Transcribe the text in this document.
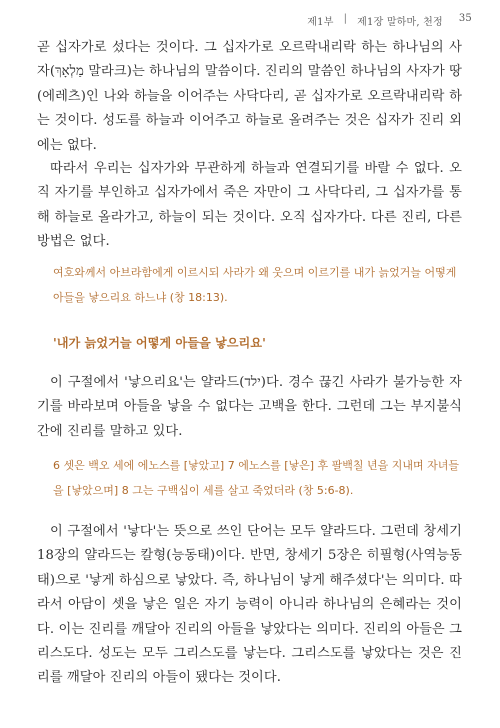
제1부 | 제1장 말하마, 천정 35

곧 십자가로 섰다는 것이다. 그 십자가로 오르락내리락 하는 하나님의 사자(מַלְאָךְ 말라크)는 하나님의 말씀이다. 진리의 말씀인 하나님의 사자가 땅(에레츠)인 나와 하늘을 이어주는 사닥다리, 곧 십자가로 오르락내리락 하는 것이다. 성도를 하늘과 이어주고 하늘로 올려주는 것은 십자가 진리 외에는 없다.

따라서 우리는 십자가와 무관하게 하늘과 연결되기를 바랄 수 없다. 오직 자기를 부인하고 십자가에서 죽은 자만이 그 사닥다리, 그 십자가를 통해 하늘로 올라가고, 하늘이 되는 것이다. 오직 십자가다. 다른 진리, 다른 방법은 없다.

여호와께서 아브라함에게 이르시되 사라가 왜 웃으며 이르기를 내가 늙었거늘 어떻게 아들을 낳으리요 하느냐 (창 18:13).
'내가 늙었거늘 어떻게 아들을 낳으리요'

이 구절에서 '낳으리요'는 얄라드(ילד)다. 경수 끊긴 사라가 불가능한 자기를 바라보며 아들을 낳을 수 없다는 고백을 한다. 그런데 그는 부지불식간에 진리를 말하고 있다.

6 셋은 백오 세에 에노스를 [낳았고] 7 에노스를 [낳은] 후 팔백칠 년을 지내며 자녀들을 [낳았으며] 8 그는 구백십이 세를 살고 죽었더라 (창 5:6-8).

이 구절에서 '낳다'는 뜻으로 쓰인 단어는 모두 얄라드다. 그런데 창세기 18장의 얄라드는 칼형(능동태)이다. 반면, 창세기 5장은 히필형(사역능동태)으로 '낳게 하심으로 낳았다. 즉, 하나님이 낳게 해주셨다'는 의미다. 따라서 아담이 셋을 낳은 일은 자기 능력이 아니라 하나님의 은혜라는 것이다. 이는 진리를 깨달아 진리의 아들을 낳았다는 의미다. 진리의 아들은 그리스도다. 성도는 모두 그리스도를 낳는다. 그리스도를 낳았다는 것은 진리를 깨달아 진리의 아들이 됐다는 것이다.
